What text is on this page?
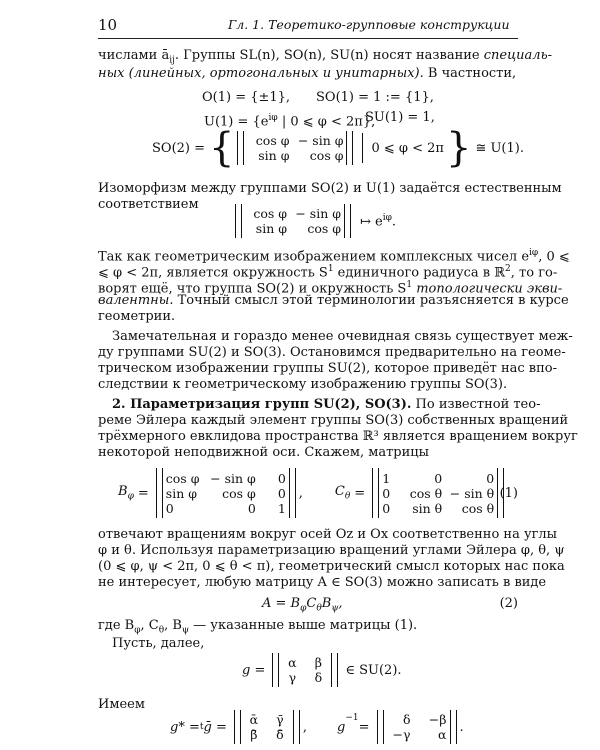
10	Гл. 1. Теоретико-групповые конструкции
числами $ā_{ij}$. Группы SL(n), SO(n), SU(n) носят название специаль-
ных (линейных, ортогональных и унитарных). В частности,
O(1) = {±1}, SO(1) = 1 := {1},
$U(1) = \{e^{i\varphi}$ | 0 ⩽ φ < 2π},
SU(1) = 1,
SO(2) = {	cos φ − sin φ
sin φ	cos φ 0 ⩽ φ < 2π } ≅ U(1).
Изоморфизм между группами SO(2) и U(1) задаётся естественным
соответствием
cos φ − sin φ
sin φ	cos φ ↦ $e^{i\varphi}$.
Так как геометрическим изображением комплексных чисел $e^{i\varphi}$, 0 ⩽
⩽ φ < 2π, является окружность $S^1$ единичного радиуса в ℝ$^2$, то го-
ворят ещё, что группа SO(2) и окружность $S^1$ топологически экви-
валентны. Точный смысл этой терминологии разъясняется в курсе
геометрии.
Замечательная и гораздо менее очевидная связь существует меж-
ду группами SU(2) и SO(3). Остановимся предварительно на геоме-
трическом изображении группы SU(2), которое приведёт нас впо-
следствии к геометрическому изображению группы SO(3).
2. Параметризация групп SU(2), SO(3). По известной тео-
реме Эйлера каждый элемент группы SO(3) собственных вращений
трёхмерного евклидова пространства ℝ³ является вращением вокруг
некоторой неподвижной оси. Скажем, матрицы
$B_\varphi$ =
cos φ − sin φ	0
sin φ	cos φ	0
0	0	1
, $C_\theta$ =
1	0	0
0	cos θ − sin θ
0	sin θ	cos θ
(1)
отвечают вращениям вокруг осей Oz и Ox соответственно на углы
φ и θ. Используя параметризацию вращений углами Эйлера φ, θ, ψ
(0 ⩽ φ, ψ < 2π, 0 ⩽ θ < π), геометрический смысл которых нас пока
не интересует, любую матрицу A ∈ SO(3) можно записать в виде
$A = B_\varphi C_\theta B_\psi$,	(2)
где $B_\varphi$, $C_\theta$, $B_\psi$ — указанные выше матрицы (1).
Пусть, далее,
g =	α	β
γ	δ	∈ SU(2).
Имеем
g* = t ḡ =	ᾱ	γ̄
β̄	δ̄	, g
$^{-1}$
=	δ	−β
−γ	α .
